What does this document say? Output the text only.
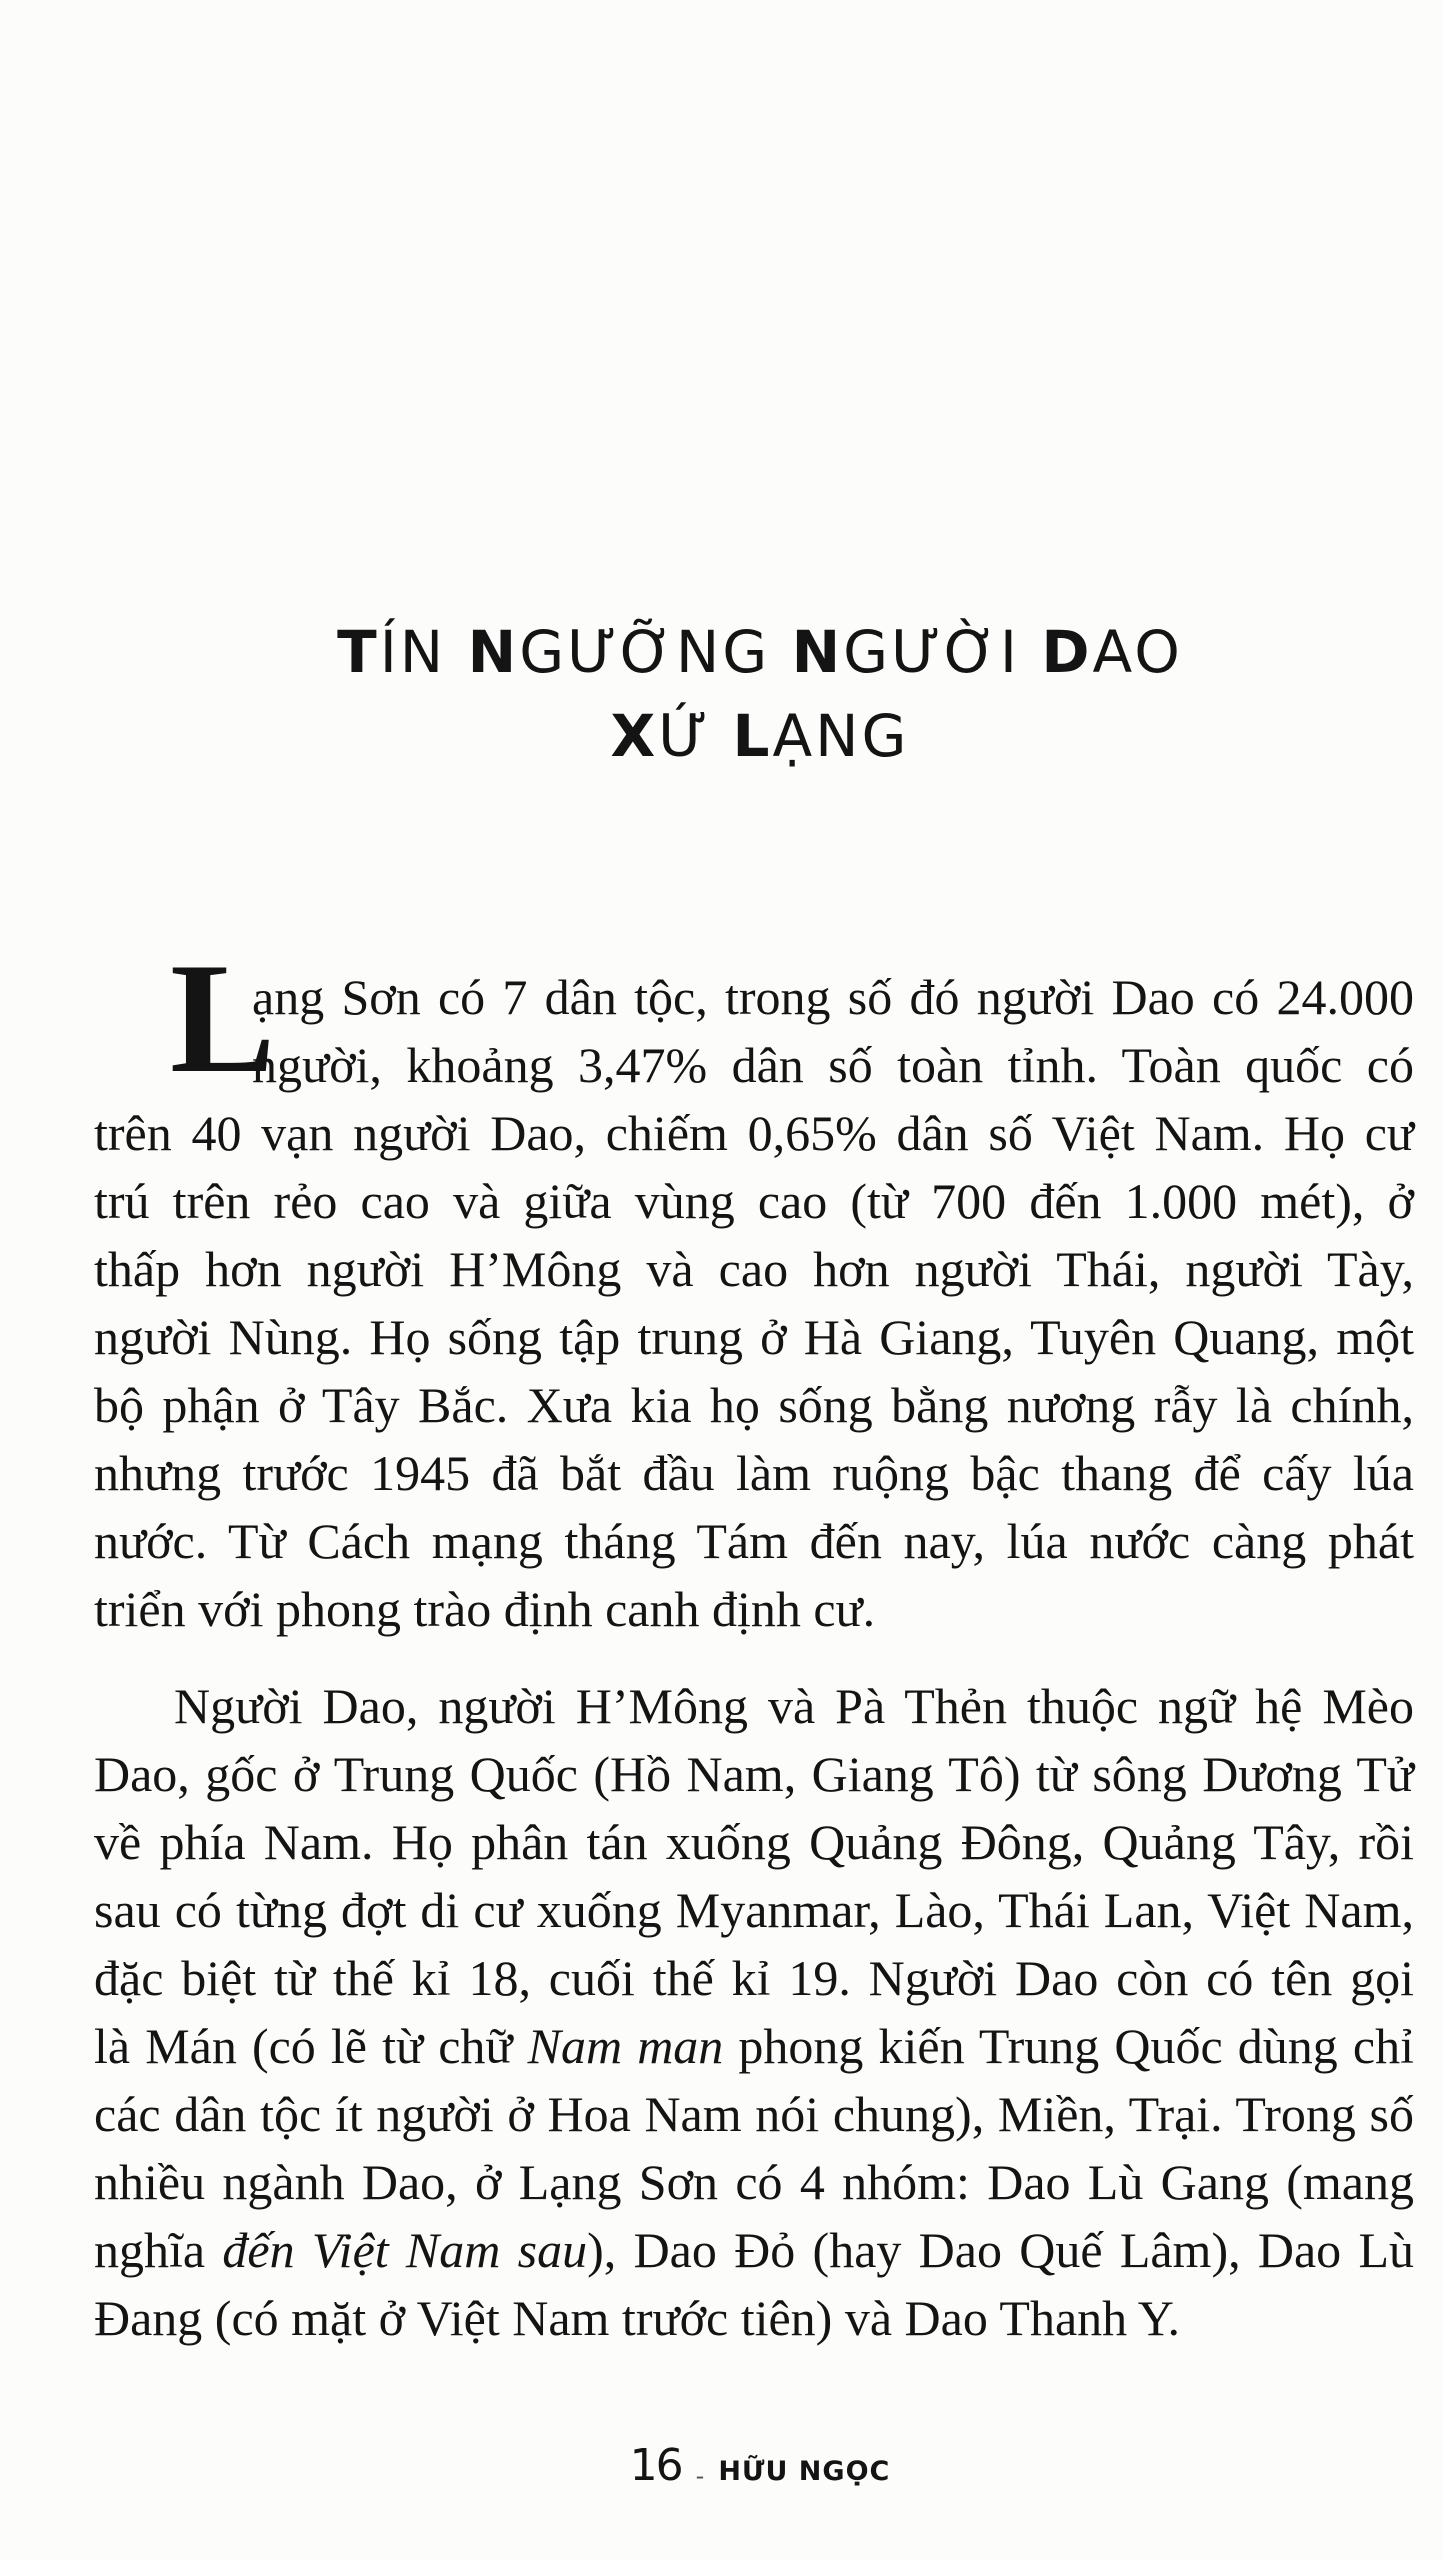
TÍN NGƯỠNG NGƯỜI DAO
XỨ LẠNG
L
ạng Sơn có 7 dân tộc, trong số đó người Dao có 24.000
người, khoảng 3,47% dân số toàn tỉnh. Toàn quốc có
trên 40 vạn người Dao, chiếm 0,65% dân số Việt Nam. Họ cư
trú trên rẻo cao và giữa vùng cao (từ 700 đến 1.000 mét), ở
thấp hơn người H’Mông và cao hơn người Thái, người Tày,
người Nùng. Họ sống tập trung ở Hà Giang, Tuyên Quang, một
bộ phận ở Tây Bắc. Xưa kia họ sống bằng nương rẫy là chính,
nhưng trước 1945 đã bắt đầu làm ruộng bậc thang để cấy lúa
nước. Từ Cách mạng tháng Tám đến nay, lúa nước càng phát
triển với phong trào định canh định cư.
Người Dao, người H’Mông và Pà Thẻn thuộc ngữ hệ Mèo
Dao, gốc ở Trung Quốc (Hồ Nam, Giang Tô) từ sông Dương Tử
về phía Nam. Họ phân tán xuống Quảng Đông, Quảng Tây, rồi
sau có từng đợt di cư xuống Myanmar, Lào, Thái Lan, Việt Nam,
đặc biệt từ thế kỉ 18, cuối thế kỉ 19. Người Dao còn có tên gọi
là Mán (có lẽ từ chữ Nam man phong kiến Trung Quốc dùng chỉ
các dân tộc ít người ở Hoa Nam nói chung), Miền, Trại. Trong số
nhiều ngành Dao, ở Lạng Sơn có 4 nhóm: Dao Lù Gang (mang
nghĩa đến Việt Nam sau), Dao Đỏ (hay Dao Quế Lâm), Dao Lù
Đang (có mặt ở Việt Nam trước tiên) và Dao Thanh Y.
16 - HỮU NGỌC
